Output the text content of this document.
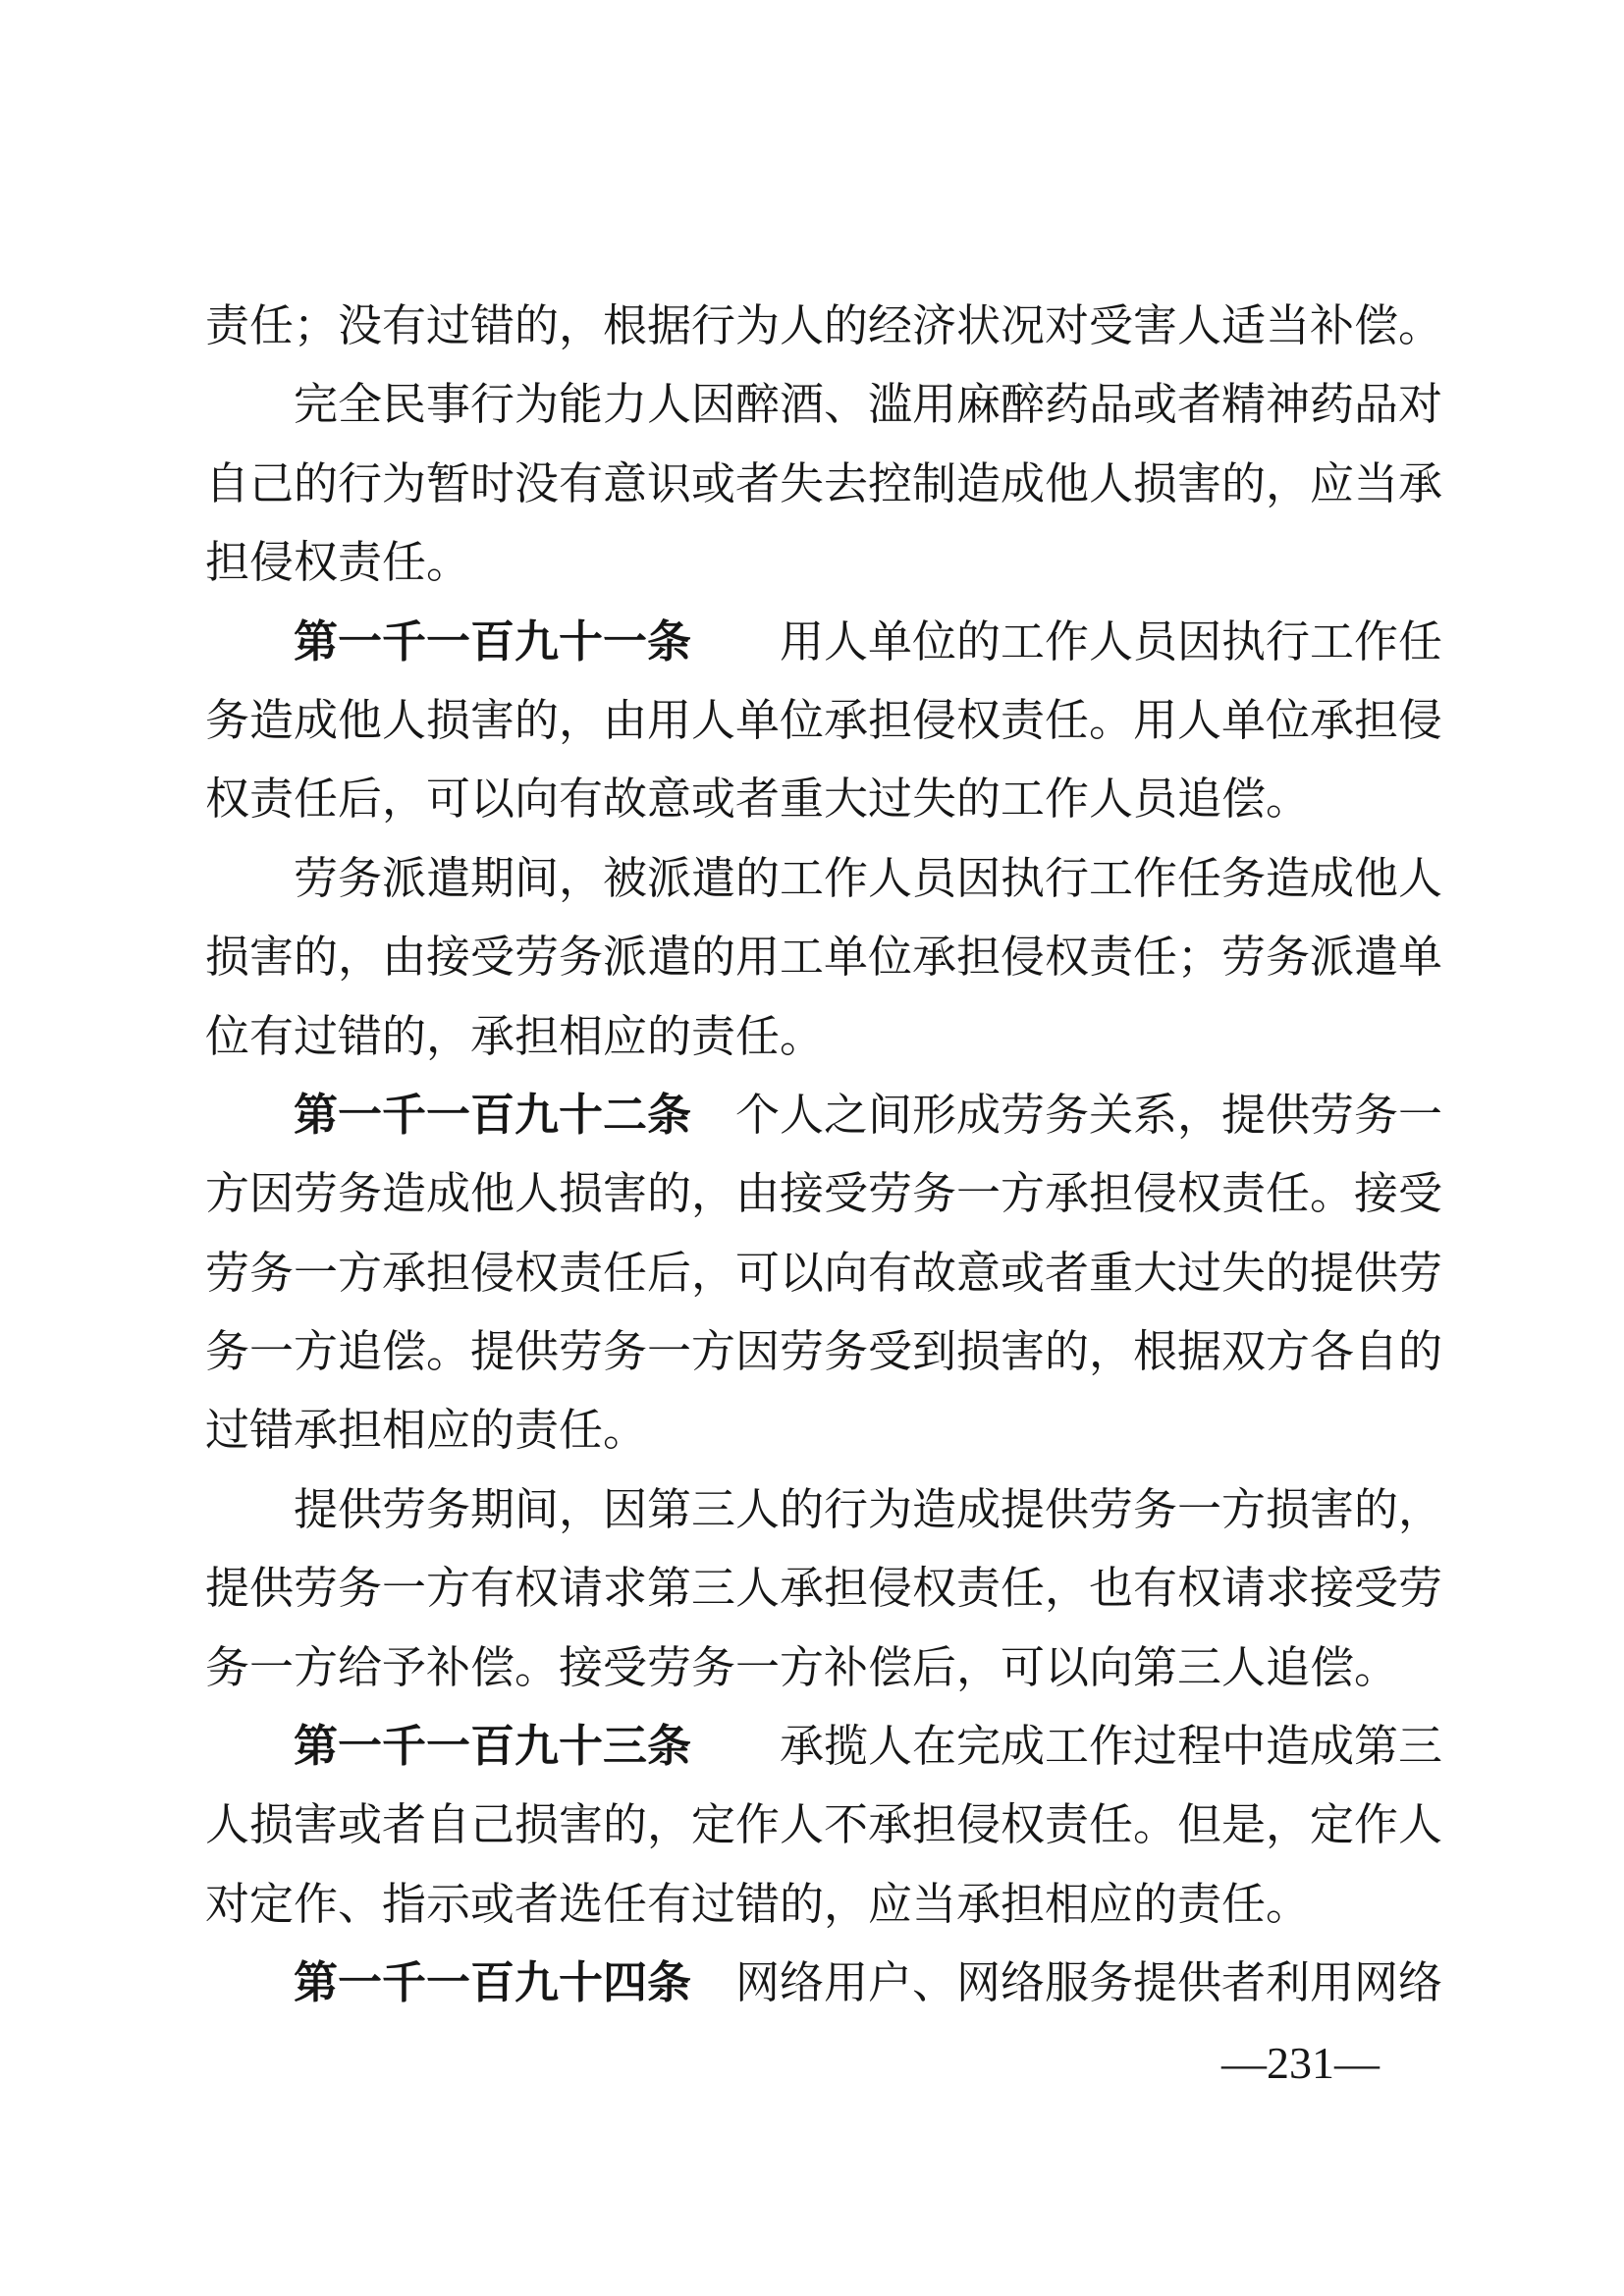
责任；没有过错的，根据行为人的经济状况对受害人适当补偿。
完全民事行为能力人因醉酒、滥用麻醉药品或者精神药品对
自己的行为暂时没有意识或者失去控制造成他人损害的，应当承
担侵权责任。
第一千一百九十一条　　 用人单位的工作人员因执行工作任
务造成他人损害的，由用人单位承担侵权责任。用人单位承担侵
权责任后，可以向有故意或者重大过失的工作人员追偿。
劳务派遣期间，被派遣的工作人员因执行工作任务造成他人
损害的，由接受劳务派遣的用工单位承担侵权责任；劳务派遣单
位有过错的，承担相应的责任。
第一千一百九十二条　 个人之间形成劳务关系，提供劳务一
方因劳务造成他人损害的，由接受劳务一方承担侵权责任。接受
劳务一方承担侵权责任后，可以向有故意或者重大过失的提供劳
务一方追偿。提供劳务一方因劳务受到损害的，根据双方各自的
过错承担相应的责任。
提供劳务期间，因第三人的行为造成提供劳务一方损害的，
提供劳务一方有权请求第三人承担侵权责任，也有权请求接受劳
务一方给予补偿。接受劳务一方补偿后，可以向第三人追偿。
第一千一百九十三条　　 承揽人在完成工作过程中造成第三
人损害或者自己损害的，定作人不承担侵权责任。但是，定作人
对定作、指示或者选任有过错的，应当承担相应的责任。
第一千一百九十四条　 网络用户、网络服务提供者利用网络
—231—
